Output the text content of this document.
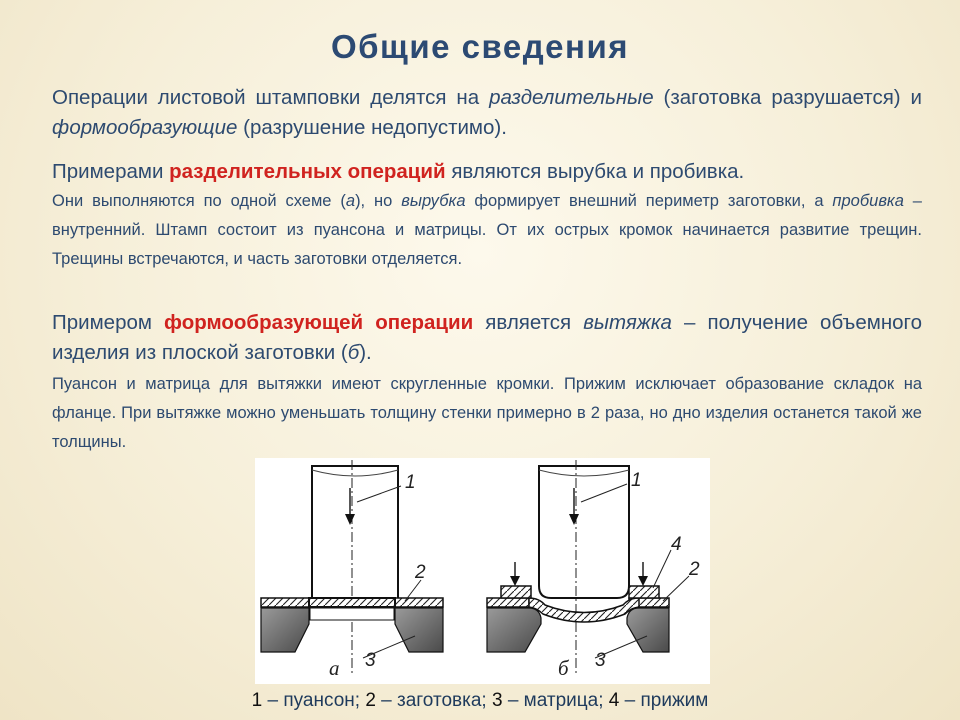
Общие сведения
Операции листовой штамповки делятся на разделительные (заготовка разрушается) и формообразующие (разрушение недопустимо).
Примерами разделительных операций являются вырубка и пробивка.
Они выполняются по одной схеме (а), но вырубка формирует внешний периметр заготовки, а пробивка – внутренний. Штамп состоит из пуансона и матрицы. От их острых кромок начинается развитие трещин. Трещины встречаются, и часть заготовки отделяется.
Примером формообразующей операции является вытяжка – получение объемного изделия из плоской заготовки (б).
Пуансон и матрица для вытяжки имеют скругленные кромки. Прижим исключает образование складок на фланце. При вытяжке можно уменьшать толщину стенки примерно в 2 раза, но дно изделия останется такой же толщины.
1
2
3
а
1
4
2
3
б
1 – пуансон; 2 – заготовка; 3 – матрица; 4 – прижим
